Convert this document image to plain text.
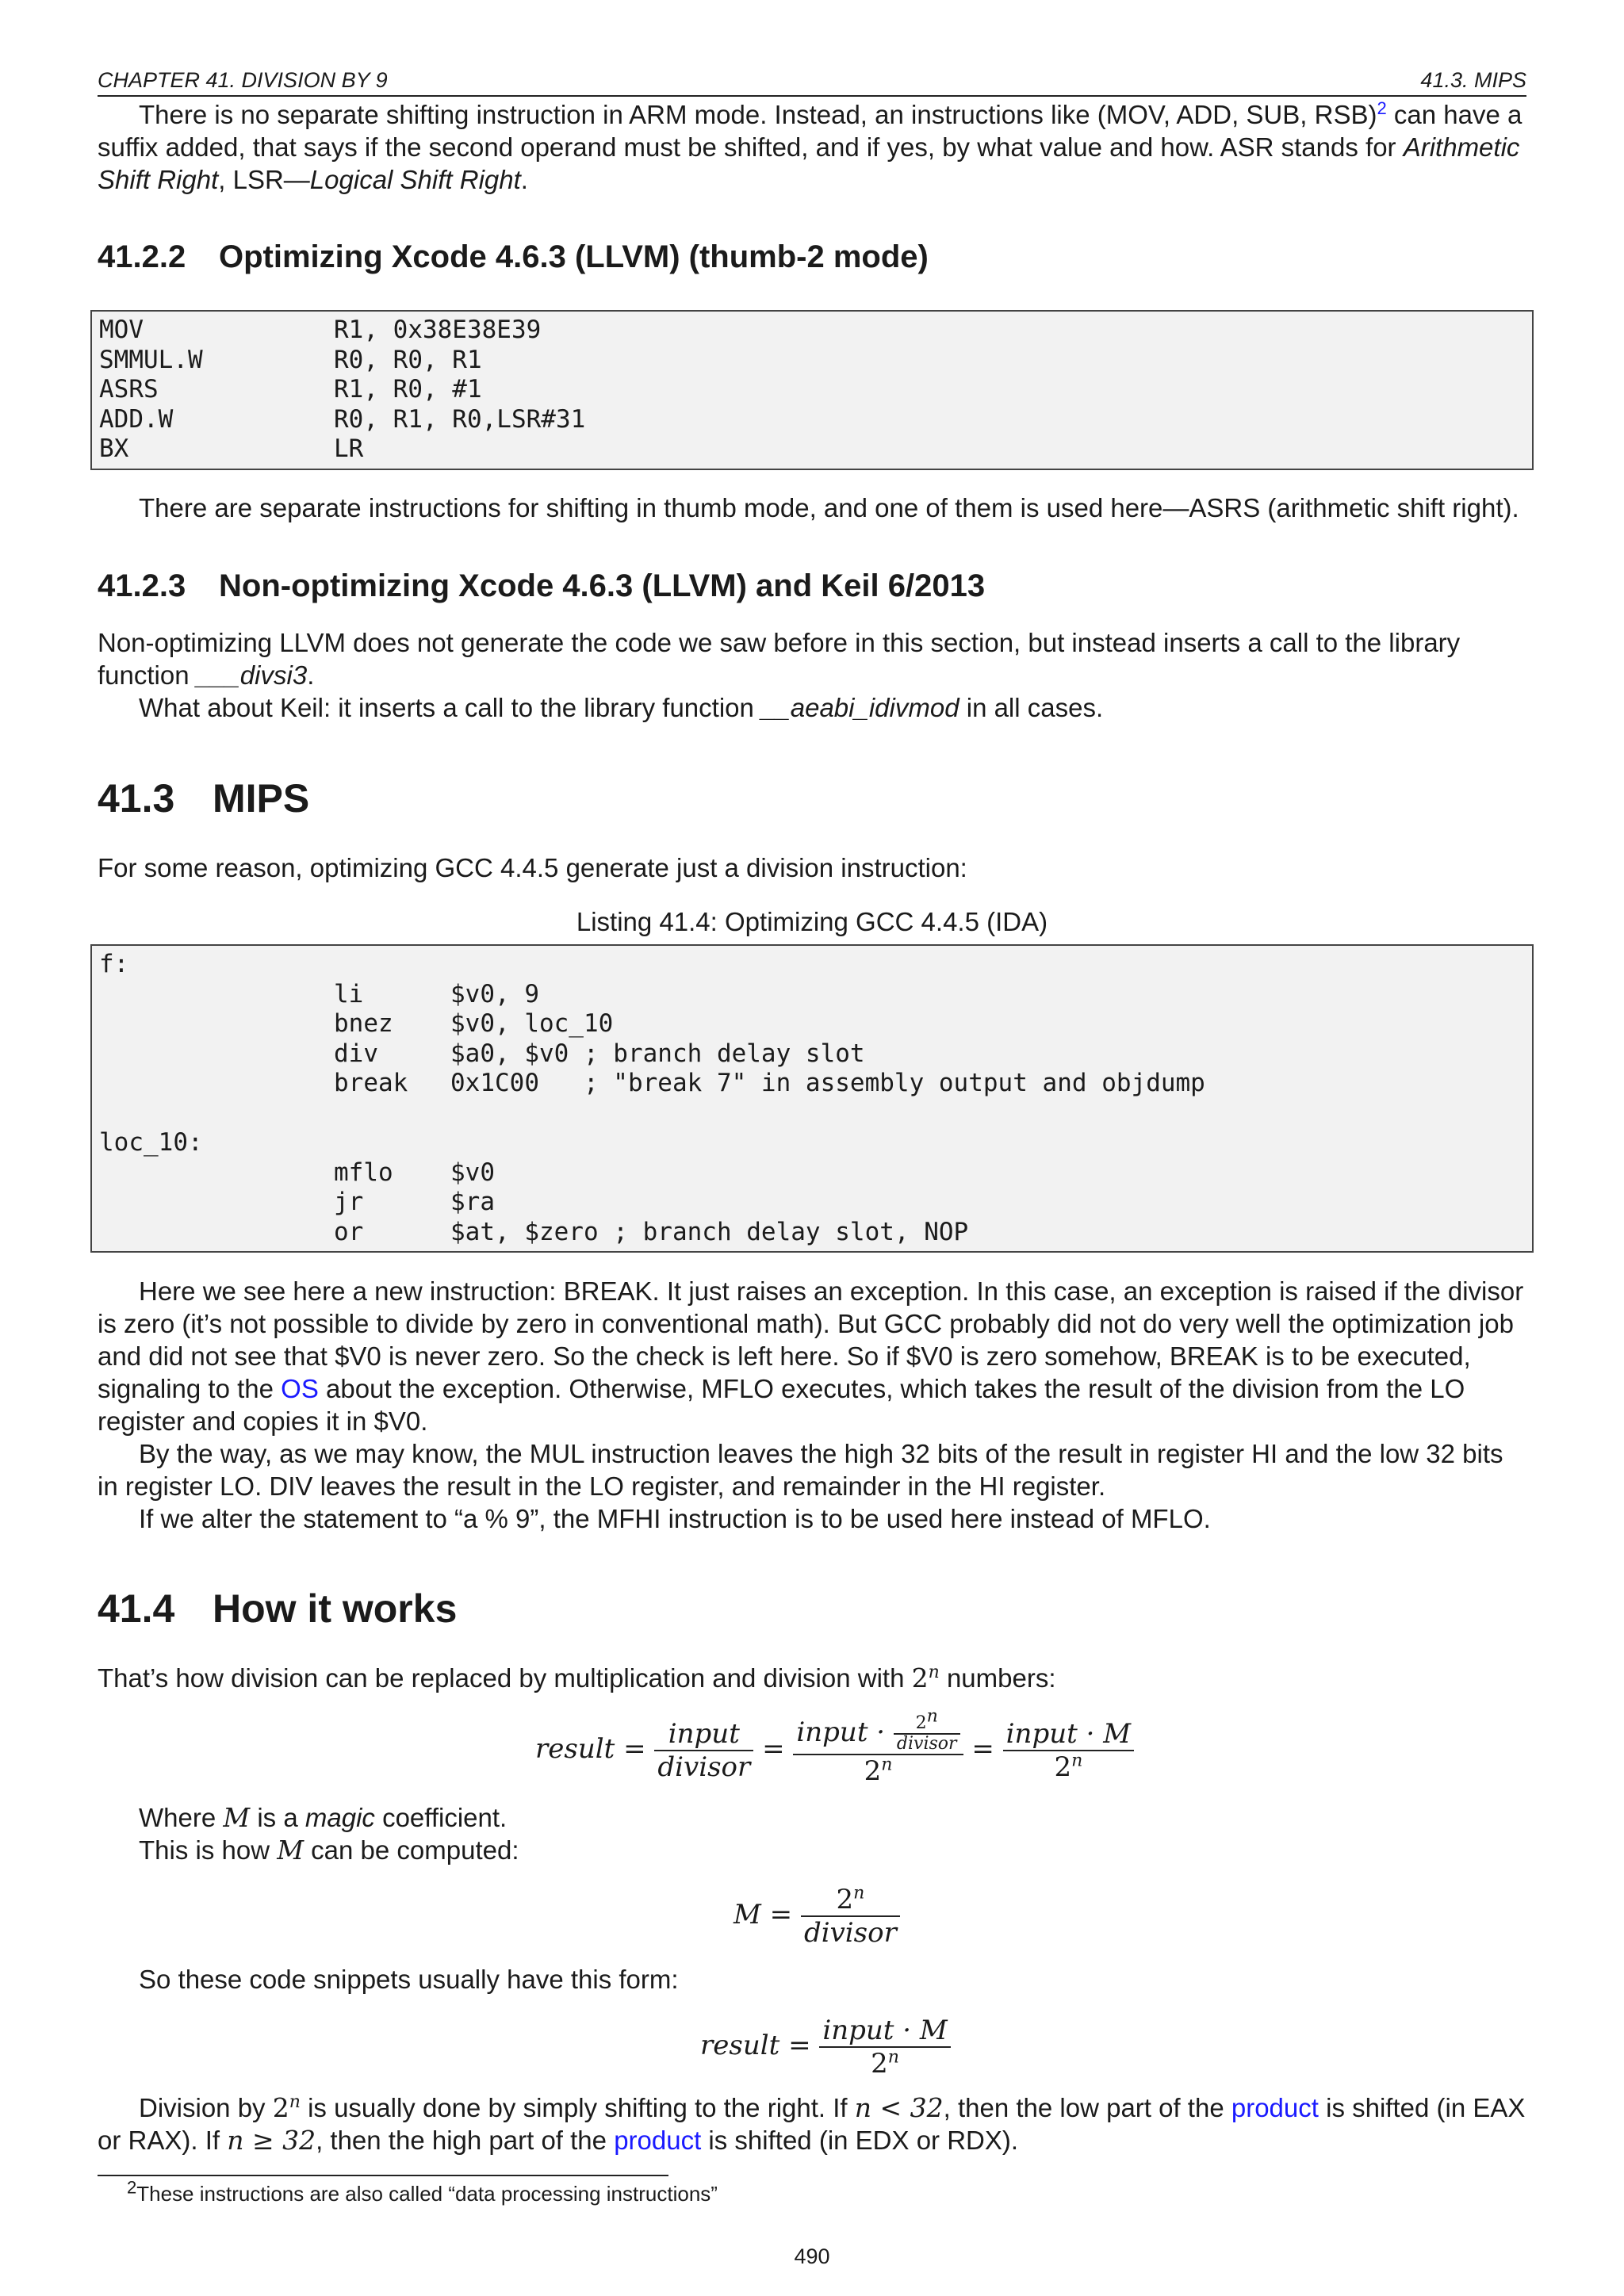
CHAPTER 41. DIVISION BY 9	41.3. MIPS
There is no separate shifting instruction in ARM mode. Instead, an instructions like (MOV, ADD, SUB, RSB)$^2$ can have a suffix added, that says if the second operand must be shifted, and if yes, by what value and how. ASR stands for Arithmetic Shift Right, LSR—Logical Shift Right.
41.2.2 Optimizing Xcode 4.6.3 (LLVM) (thumb-2 mode)
MOV	R1, 0x38E38E39
SMMUL.W	R0, R0, R1
ASRS	R1, R0, #1
ADD.W	R0, R1, R0,LSR#31
BX	LR
There are separate instructions for shifting in thumb mode, and one of them is used here—ASRS (arithmetic shift right).
41.2.3 Non-optimizing Xcode 4.6.3 (LLVM) and Keil 6/2013
Non-optimizing LLVM does not generate the code we saw before in this section, but instead inserts a call to the library function ___divsi3.
What about Keil: it inserts a call to the library function __aeabi_idivmod in all cases.
41.3 MIPS
For some reason, optimizing GCC 4.4.5 generate just a division instruction:
Listing 41.4: Optimizing GCC 4.4.5 (IDA)
f:
li	$v0, 9
bnez $v0, loc_10
div	$a0, $v0 ; branch delay slot
break 0x1C00   ; "break 7" in assembly output and objdump
loc_10:
mflo $v0
jr	$ra
or	$at, $zero ; branch delay slot, NOP
Here we see here a new instruction: BREAK. It just raises an exception. In this case, an exception is raised if the divisor is zero (it’s not possible to divide by zero in conventional math). But GCC probably did not do very well the optimization job and did not see that $V0 is never zero. So the check is left here. So if $V0 is zero somehow, BREAK is to be executed, signaling to the OS about the exception. Otherwise, MFLO executes, which takes the result of the division from the LO register and copies it in $V0.
By the way, as we may know, the MUL instruction leaves the high 32 bits of the result in register HI and the low 32 bits in register LO. DIV leaves the result in the LO register, and remainder in the HI register.
If we alter the statement to “a % 9”, the MFHI instruction is to be used here instead of MFLO.
41.4 How it works
That’s how division can be replaced by multiplication and division with 2$^n$ numbers:
result = $\frac{\text{input}}{\text{divisor}} = \frac{input \cdot \frac{2^n}{\text{divisor}}}{2^n} = \frac{\text{input · M}}{2^n}$
Where M is a magic coefficient.
This is how M can be computed:
$M = \frac{2^n}{\text{divisor}}$
So these code snippets usually have this form:
result = $\frac{\text{input · M}}{2^n}$
Division by 2$^n$ is usually done by simply shifting to the right. If n < 32, then the low part of the product is shifted (in EAX or RAX). If n ≥ 32, then the high part of the product is shifted (in EDX or RDX).
$^2$These instructions are also called “data processing instructions”
490
